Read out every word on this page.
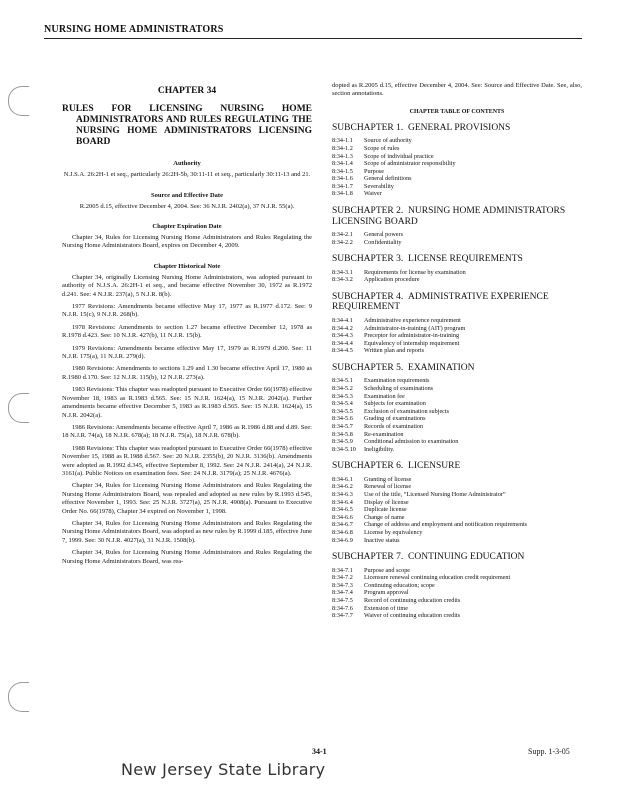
NURSING HOME ADMINISTRATORS
CHAPTER 34
RULES FOR LICENSING NURSING HOME ADMINISTRATORS AND RULES REGULATING THE NURSING HOME ADMINISTRATORS LICENSING BOARD
Authority
N.J.S.A. 26:2H-1 et seq., particularly 26:2H-5b, 30:11-11 et seq., particularly 30:11-13 and 21.
Source and Effective Date
R.2005 d.15, effective December 4, 2004. See: 36 N.J.R. 2402(a), 37 N.J.R. 55(a).
Chapter Expiration Date

Chapter 34, Rules for Licensing Nursing Home Administrators and Rules Regulating the Nursing Home Administrators Board, expires on December 4, 2009.

Chapter Historical Note

Chapter 34, originally Licensing Nursing Home Administrators, was adopted pursuant to authority of N.J.S.A. 26:2H-1 et seq., and became effective November 30, 1972 as R.1972 d.241. See: 4 N.J.R. 237(a), 5 N.J.R. 8(b).

1977 Revisions: Amendments became effective May 17, 1977 as R.1977 d.172. See: 9 N.J.R. 15(c), 9 N.J.R. 268(b).

1978 Revisions: Amendments to section 1.27 became effective December 12, 1978 as R.1978 d.423. See: 10 N.J.R. 427(b), 11 N.J.R. 15(b).

1979 Revisions: Amendments became effective May 17, 1979 as R.1979 d.200. See: 11 N.J.R. 175(a), 11 N.J.R. 279(d).

1980 Revisions: Amendments to sections 1.29 and 1.30 became effective April 17, 1980 as R.1980 d.170. See: 12 N.J.R. 115(b), 12 N.J.R. 273(a).

1983 Revisions: This chapter was readopted pursuant to Executive Order 66(1978) effective November 18, 1983 as R.1983 d.565. See: 15 N.J.R. 1624(a), 15 N.J.R. 2042(a). Further amendments became effective December 5, 1983 as R.1983 d.565. See: 15 N.J.R. 1624(a), 15 N.J.R. 2042(a).

1986 Revisions: Amendments became effective April 7, 1986 as R.1986 d.88 and d.89. See: 18 N.J.R. 74(a), 18 N.J.R. 678(a); 18 N.J.R. 75(a), 18 N.J.R. 678(b).

1988 Revisions: This chapter was readopted pursuant to Executive Order 66(1978) effective November 15, 1988 as R.1988 d.567. See: 20 N.J.R. 2355(b), 20 N.J.R. 3136(b). Amendments were adopted as R.1992 d.345, effective September 8, 1992. See: 24 N.J.R. 2414(a), 24 N.J.R. 3161(a). Public Notices on examination fees. See: 24 N.J.R. 3179(a); 25 N.J.R. 4676(a).

Chapter 34, Rules for Licensing Nursing Home Administrators and Rules Regulating the Nursing Home Administrators Board, was repealed and adopted as new rules by R.1993 d.545, effective November 1, 1993. See: 25 N.J.R. 3727(a), 25 N.J.R. 4908(a). Pursuant to Executive Order No. 66(1978), Chapter 34 expired on November 1, 1998.

Chapter 34, Rules for Licensing Nursing Home Administrators and Rules Regulating the Nursing Home Administrators Board, was adopted as new rules by R.1999 d.185, effective June 7, 1999. See: 30 N.J.R. 4027(a), 31 N.J.R. 1508(b).

Chapter 34, Rules for Licensing Nursing Home Administrators and Rules Regulating the Nursing Home Administrators Board, was rea-

dopted as R.2005 d.15, effective December 4, 2004. See: Source and Effective Date. See, also, section annotations.

CHAPTER TABLE OF CONTENTS
SUBCHAPTER 1.  GENERAL PROVISIONS
8:34-1.1	Source of authority
8:34-1.2	Scope of rules
8:34-1.3	Scope of individual practice
8:34-1.4	Scope of administrator responsibility
8:34-1.5	Purpose
8:34-1.6	General definitions
8:34-1.7	Severability
8:34-1.8	Waiver
SUBCHAPTER 2.  NURSING HOME ADMINISTRATORS LICENSING BOARD
8:34-2.1	General powers
8:34-2.2	Confidentiality
SUBCHAPTER 3.  LICENSE REQUIREMENTS
8:34-3.1	Requirements for license by examination
8:34-3.2	Application procedure
SUBCHAPTER 4.  ADMINISTRATIVE EXPERIENCE REQUIREMENT
8:34-4.1	Administrative experience requirement
8:34-4.2	Administrator-in-training (AIT) program
8:34-4.3	Preceptor for administrator-in-training
8:34-4.4	Equivalency of internship requirement
8:34-4.5	Written plan and reports
SUBCHAPTER 5.  EXAMINATION
8:34-5.1	Examination requirements
8:34-5.2	Scheduling of examinations
8:34-5.3	Examination fee
8:34-5.4	Subjects for examination
8:34-5.5	Exclusion of examination subjects
8:34-5.6	Grading of examinations
8:34-5.7	Records of examination
8:34-5.8	Re-examination
8:34-5.9	Conditional admission to examination
8:34-5.10	Ineligibility.
SUBCHAPTER 6.  LICENSURE
8:34-6.1	Granting of license
8:34-6.2	Renewal of license
8:34-6.3	Use of the title, “Licensed Nursing Home Administrator”
8:34-6.4	Display of license
8:34-6.5	Duplicate license
8:34-6.6	Change of name
8:34-6.7	Change of address and employment and notification requirements
8:34-6.8	License by equivalency
8:34-6.9	Inactive status
SUBCHAPTER 7.  CONTINUING EDUCATION
8:34-7.1	Purpose and scope
8:34-7.2	Licensure renewal continuing education credit requirement
8:34-7.3	Continuing education; scope
8:34-7.4	Program approval
8:34-7.5	Record of continuing education credits
8:34-7.6	Extension of time
8:34-7.7	Waiver of continuing education credits
34-1	Supp. 1-3-05
New Jersey State Library
